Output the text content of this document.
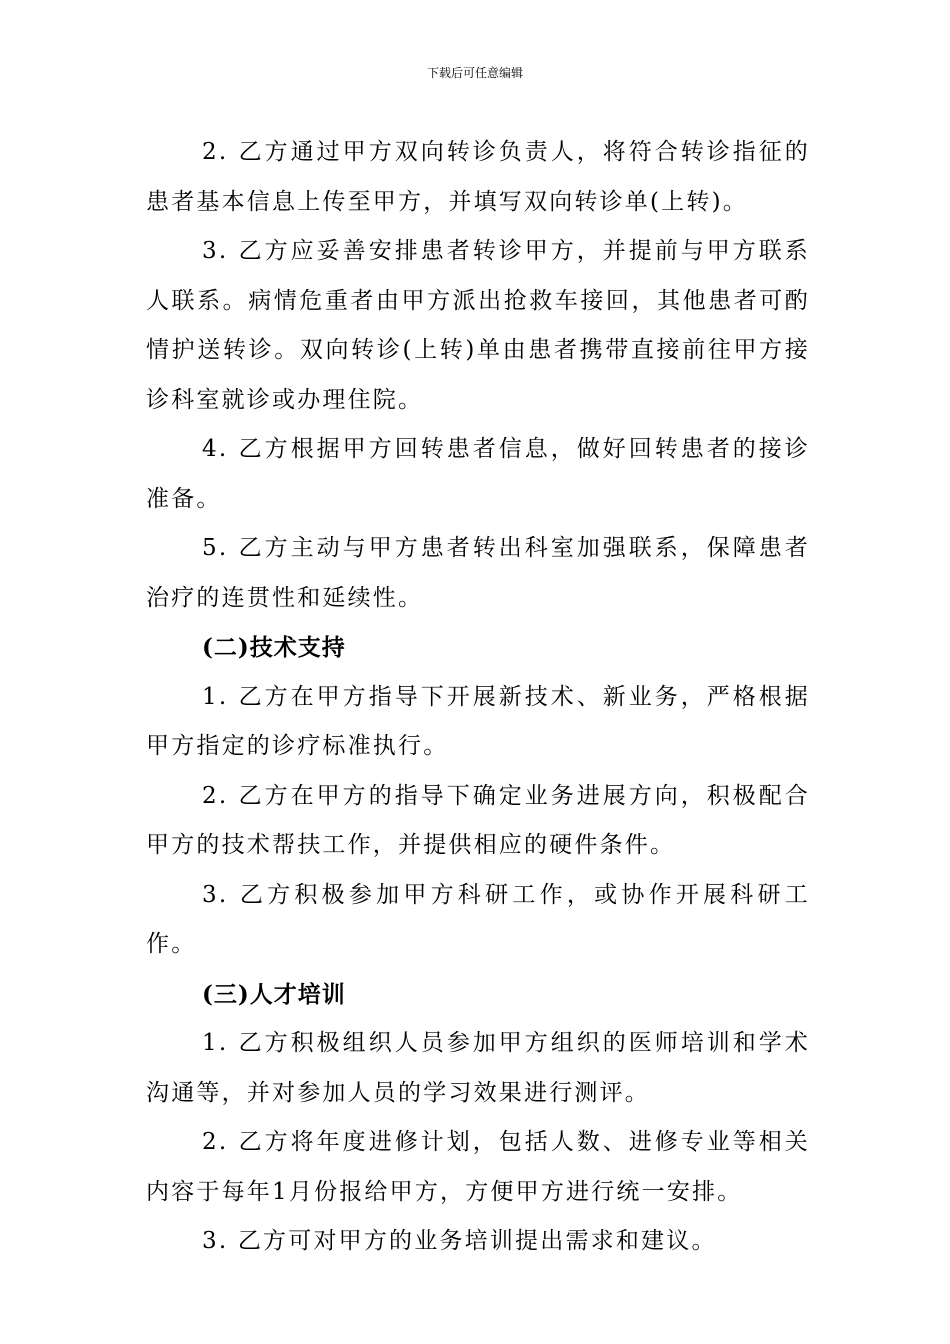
下载后可任意编辑

2. 乙方通过甲方双向转诊负责人，将符合转诊指征的患者基本信息上传至甲方，并填写双向转诊单(上转)。

3. 乙方应妥善安排患者转诊甲方，并提前与甲方联系人联系。病情危重者由甲方派出抢救车接回，其他患者可酌情护送转诊。双向转诊(上转)单由患者携带直接前往甲方接诊科室就诊或办理住院。

4. 乙方根据甲方回转患者信息，做好回转患者的接诊准备。

5. 乙方主动与甲方患者转出科室加强联系，保障患者治疗的连贯性和延续性。

(二)技术支持

1. 乙方在甲方指导下开展新技术、新业务，严格根据甲方指定的诊疗标准执行。

2. 乙方在甲方的指导下确定业务进展方向，积极配合甲方的技术帮扶工作，并提供相应的硬件条件。

3. 乙方积极参加甲方科研工作，或协作开展科研工作。

(三)人才培训

1. 乙方积极组织人员参加甲方组织的医师培训和学术沟通等，并对参加人员的学习效果进行测评。

2. 乙方将年度进修计划，包括人数、进修专业等相关内容于每年1月份报给甲方，方便甲方进行统一安排。

3. 乙方可对甲方的业务培训提出需求和建议。
